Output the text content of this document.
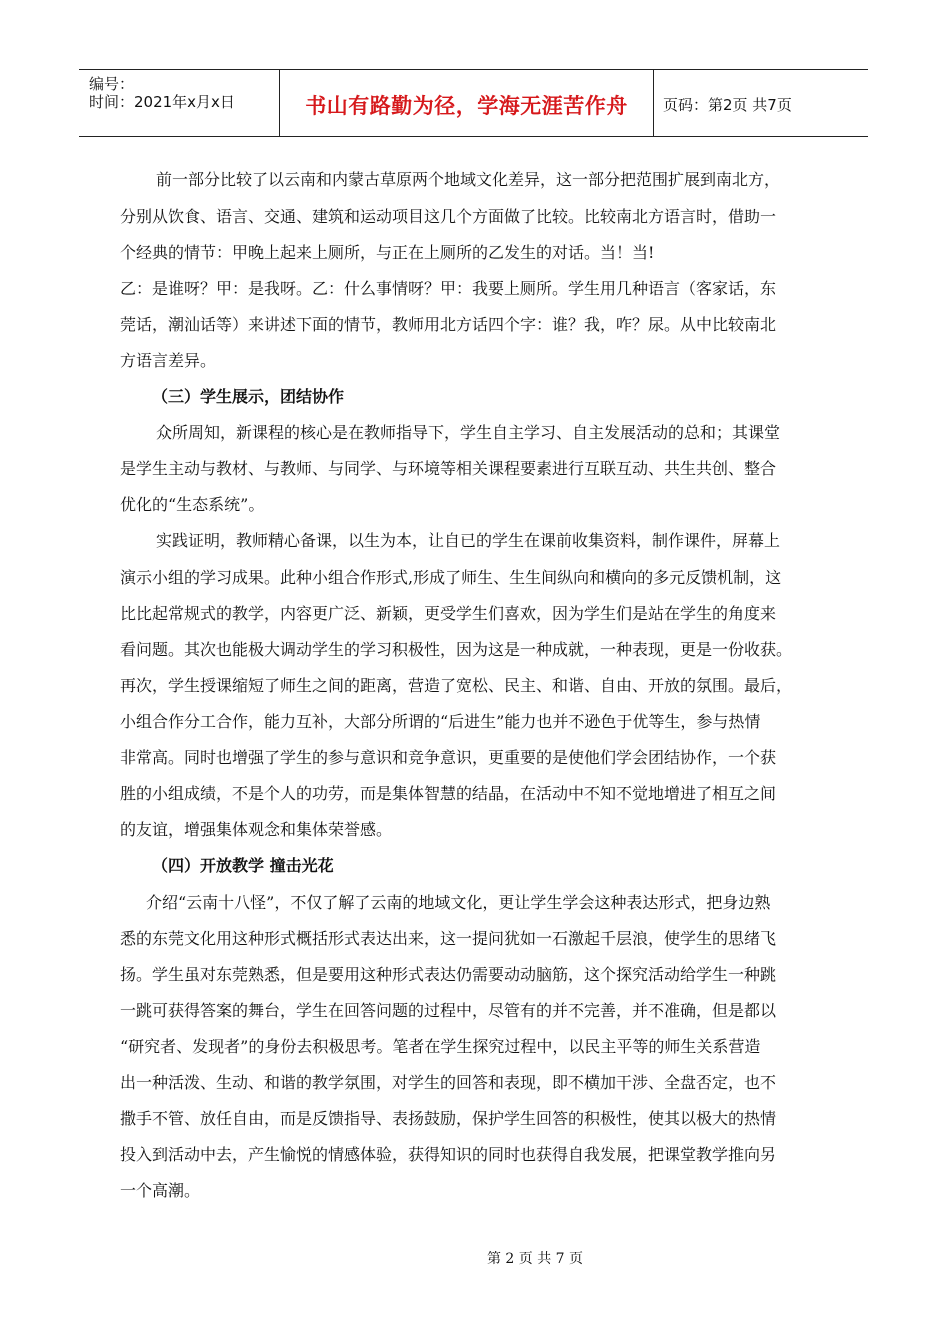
编号：
时间：2021年x月x日	书山有路勤为径，学海无涯苦作舟	页码：第2页 共7页
前一部分比较了以云南和内蒙古草原两个地域文化差异，这一部分把范围扩展到南北方，
分别从饮食、语言、交通、建筑和运动项目这几个方面做了比较。比较南北方语言时，借助一
个经典的情节：甲晚上起来上厕所，与正在上厕所的乙发生的对话。当！当!
乙：是谁呀？甲：是我呀。乙：什么事情呀？甲：我要上厕所。学生用几种语言（客家话，东
莞话，潮汕话等）来讲述下面的情节，教师用北方话四个字：谁？我，咋？尿。从中比较南北
方语言差异。
（三）学生展示，团结协作
众所周知，新课程的核心是在教师指导下，学生自主学习、自主发展活动的总和；其课堂
是学生主动与教材、与教师、与同学、与环境等相关课程要素进行互联互动、共生共创、整合
优化的“生态系统”。
实践证明，教师精心备课，以生为本，让自已的学生在课前收集资料，制作课件，屏幕上
演示小组的学习成果。此种小组合作形式,形成了师生、生生间纵向和横向的多元反馈机制，这
比比起常规式的教学，内容更广泛、新颖，更受学生们喜欢，因为学生们是站在学生的角度来
看问题。其次也能极大调动学生的学习积极性，因为这是一种成就，一种表现，更是一份收获。
再次，学生授课缩短了师生之间的距离，营造了宽松、民主、和谐、自由、开放的氛围。最后，
小组合作分工合作，能力互补，大部分所谓的“后进生”能力也并不逊色于优等生，参与热情
非常高。同时也增强了学生的参与意识和竞争意识，更重要的是使他们学会团结协作，一个获
胜的小组成绩，不是个人的功劳，而是集体智慧的结晶，在活动中不知不觉地增进了相互之间
的友谊，增强集体观念和集体荣誉感。
（四）开放教学 撞击光花
介绍“云南十八怪”，不仅了解了云南的地域文化，更让学生学会这种表达形式，把身边熟
悉的东莞文化用这种形式概括形式表达出来，这一提问犹如一石激起千层浪，使学生的思绪飞
扬。学生虽对东莞熟悉，但是要用这种形式表达仍需要动动脑筋，这个探究活动给学生一种跳
一跳可获得答案的舞台，学生在回答问题的过程中，尽管有的并不完善，并不准确，但是都以
“研究者、发现者”的身份去积极思考。笔者在学生探究过程中，以民主平等的师生关系营造
出一种活泼、生动、和谐的教学氛围，对学生的回答和表现，即不横加干涉、全盘否定，也不
撒手不管、放任自由，而是反馈指导、表扬鼓励，保护学生回答的积极性，使其以极大的热情
投入到活动中去，产生愉悦的情感体验，获得知识的同时也获得自我发展，把课堂教学推向另
一个高潮。
第 2 页 共 7 页
